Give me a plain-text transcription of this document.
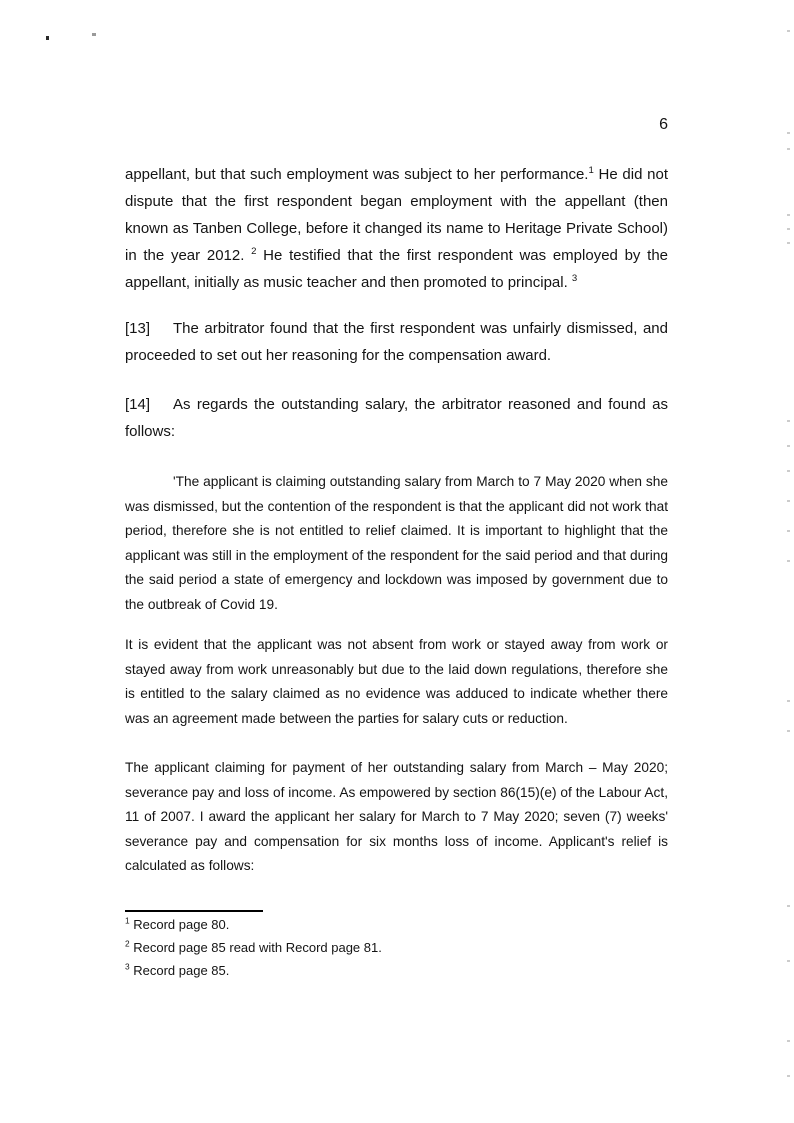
6

appellant, but that such employment was subject to her performance.$^1$ He did not dispute that the first respondent began employment with the appellant (then known as Tanben College, before it changed its name to Heritage Private School) in the year 2012. $^2$ He testified that the first respondent was employed by the appellant, initially as music teacher and then promoted to principal. $^3$

[13] The arbitrator found that the first respondent was unfairly dismissed, and proceeded to set out her reasoning for the compensation award.

[14] As regards the outstanding salary, the arbitrator reasoned and found as follows:

'The applicant is claiming outstanding salary from March to 7 May 2020 when she was dismissed, but the contention of the respondent is that the applicant did not work that period, therefore she is not entitled to relief claimed. It is important to highlight that the applicant was still in the employment of the respondent for the said period and that during the said period a state of emergency and lockdown was imposed by government due to the outbreak of Covid 19.

It is evident that the applicant was not absent from work or stayed away from work or stayed away from work unreasonably but due to the laid down regulations, therefore she is entitled to the salary claimed as no evidence was adduced to indicate whether there was an agreement made between the parties for salary cuts or reduction.

The applicant claiming for payment of her outstanding salary from March – May 2020; severance pay and loss of income. As empowered by section 86(15)(e) of the Labour Act, 11 of 2007. I award the applicant her salary for March to 7 May 2020; seven (7) weeks' severance pay and compensation for six months loss of income. Applicant's relief is calculated as follows:

$^1$ Record page 80.

$^2$ Record page 85 read with Record page 81.

$^3$ Record page 85.
